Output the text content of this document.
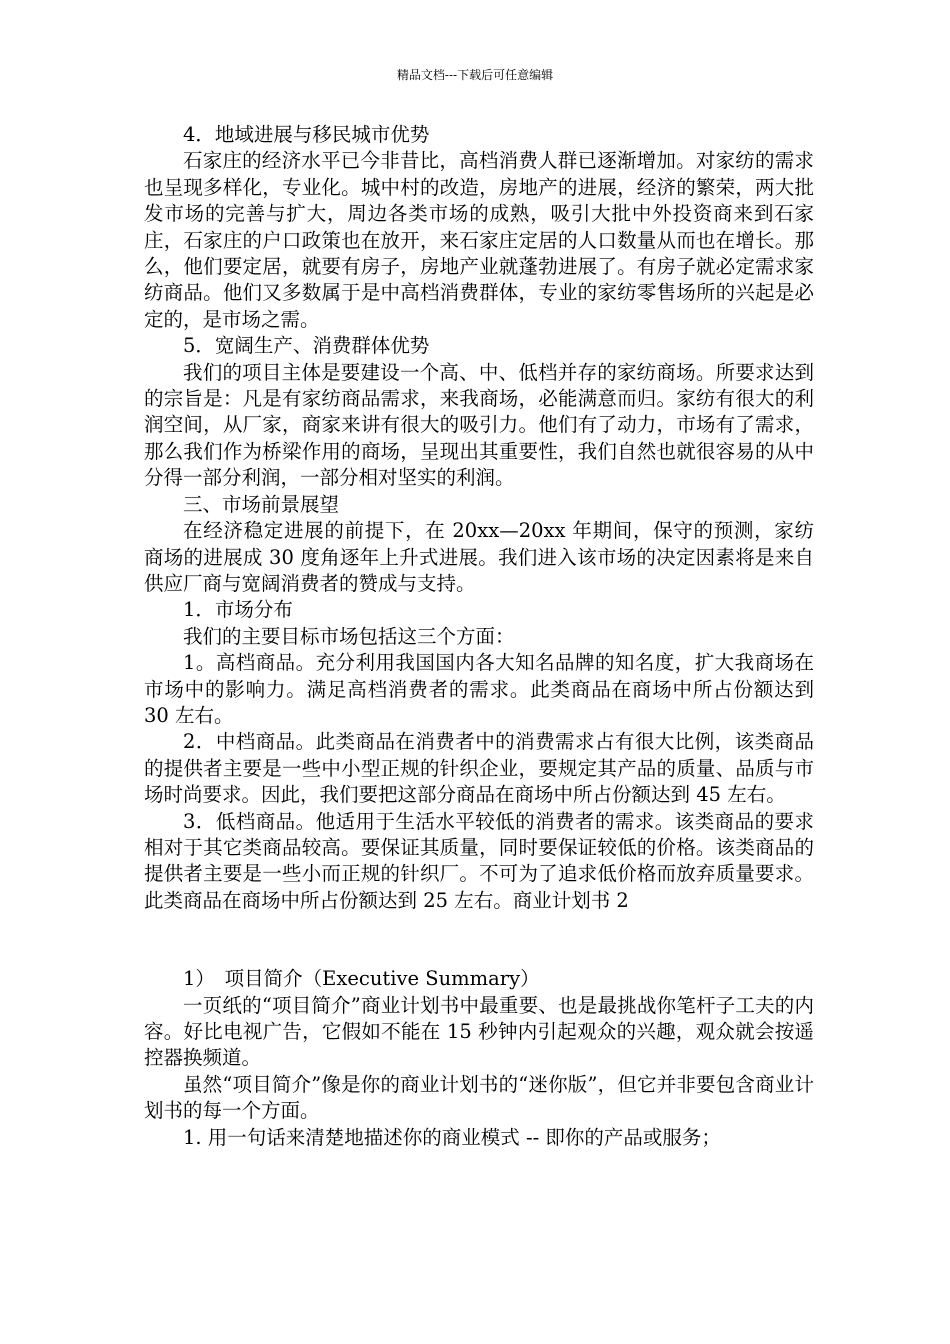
精品文档---下载后可任意编辑

4．地域进展与移民城市优势

石家庄的经济水平已今非昔比，高档消费人群已逐渐增加。对家纺的需求也呈现多样化，专业化。城中村的改造，房地产的进展，经济的繁荣，两大批发市场的完善与扩大，周边各类市场的成熟，吸引大批中外投资商来到石家庄，石家庄的户口政策也在放开，来石家庄定居的人口数量从而也在增长。那么，他们要定居，就要有房子，房地产业就蓬勃进展了。有房子就必定需求家纺商品。他们又多数属于是中高档消费群体，专业的家纺零售场所的兴起是必定的，是市场之需。

5．宽阔生产、消费群体优势

我们的项目主体是要建设一个高、中、低档并存的家纺商场。所要求达到的宗旨是：凡是有家纺商品需求，来我商场，必能满意而归。家纺有很大的利润空间，从厂家，商家来讲有很大的吸引力。他们有了动力，市场有了需求，那么我们作为桥梁作用的商场，呈现出其重要性，我们自然也就很容易的从中分得一部分利润，一部分相对坚实的利润。

三、市场前景展望

在经济稳定进展的前提下，在 20xx—20xx 年期间，保守的预测，家纺商场的进展成 30 度角逐年上升式进展。我们进入该市场的决定因素将是来自供应厂商与宽阔消费者的赞成与支持。

1．市场分布

我们的主要目标市场包括这三个方面：

1。高档商品。充分利用我国国内各大知名品牌的知名度，扩大我商场在市场中的影响力。满足高档消费者的需求。此类商品在商场中所占份额达到 30 左右。

2．中档商品。此类商品在消费者中的消费需求占有很大比例，该类商品的提供者主要是一些中小型正规的针织企业，要规定其产品的质量、品质与市场时尚要求。因此，我们要把这部分商品在商场中所占份额达到 45 左右。

3．低档商品。他适用于生活水平较低的消费者的需求。该类商品的要求相对于其它类商品较高。要保证其质量，同时要保证较低的价格。该类商品的提供者主要是一些小而正规的针织厂。不可为了追求低价格而放弃质量要求。此类商品在商场中所占份额达到 25 左右。商业计划书 2

1）　项目简介（Executive Summary）

一页纸的“项目简介”商业计划书中最重要、也是最挑战你笔杆子工夫的内容。好比电视广告，它假如不能在 15 秒钟内引起观众的兴趣，观众就会按遥控器换频道。

虽然“项目简介”像是你的商业计划书的“迷你版”，但它并非要包含商业计划书的每一个方面。

1. 用一句话来清楚地描述你的商业模式 -- 即你的产品或服务；
